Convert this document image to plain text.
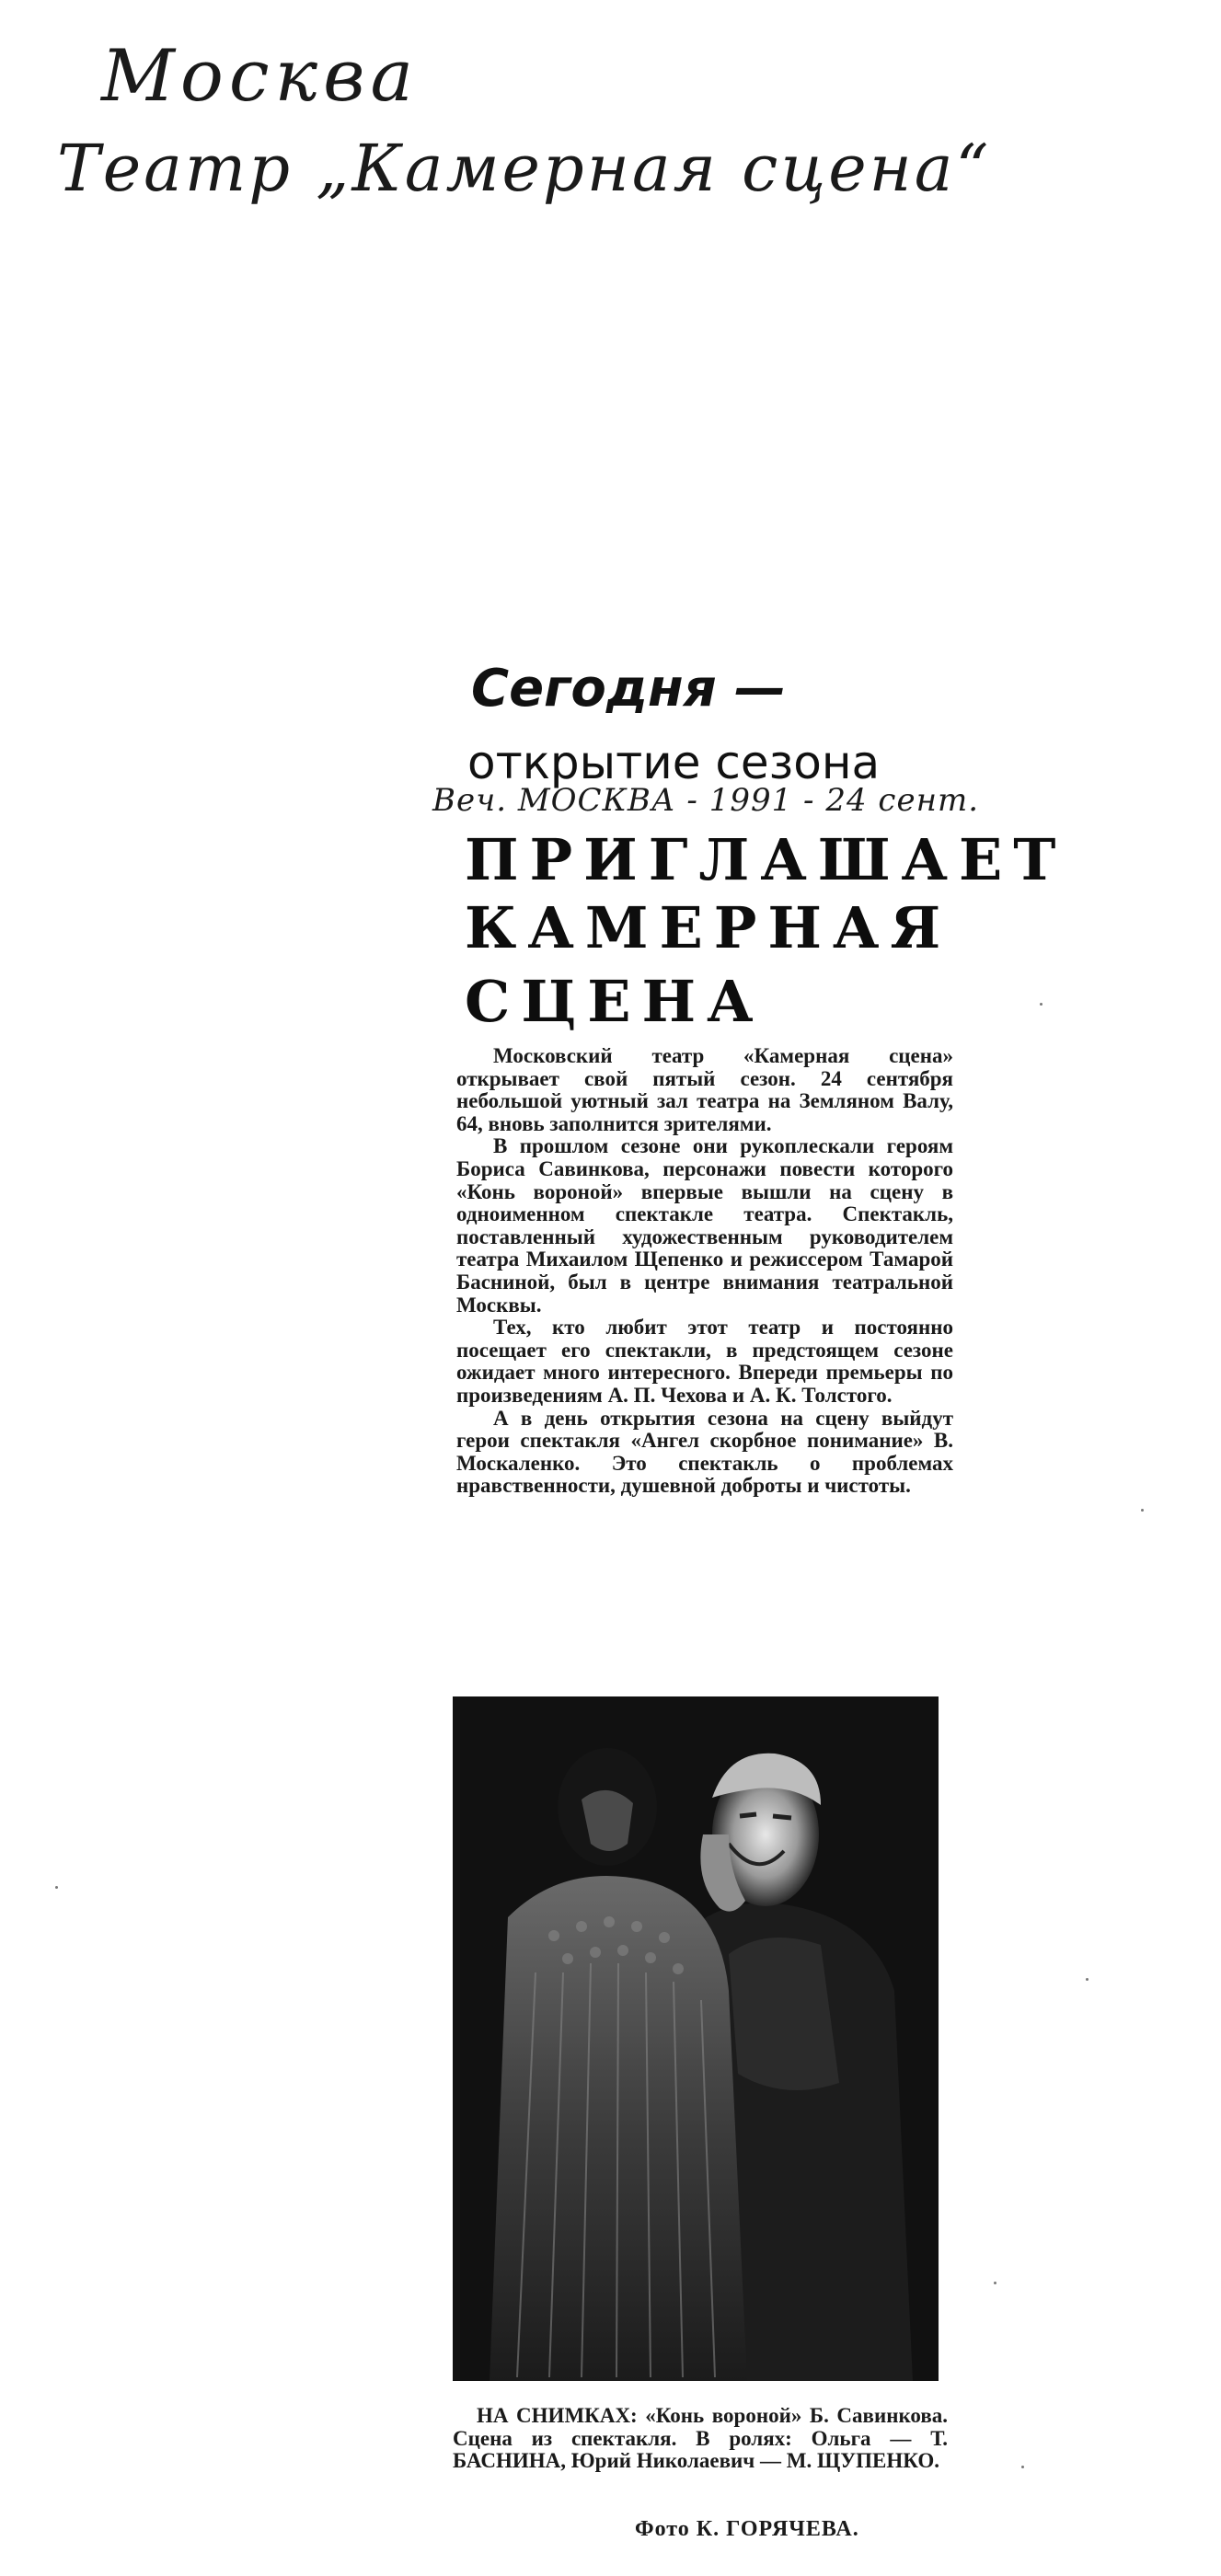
Москва
Театр „Камерная сцена“
Сегодня —
открытие сезона
Веч. МОСКВА - 1991 - 24 сент.
ПРИГЛАШАЕТ
КАМЕРНАЯ
СЦЕНА

Московский театр «Камерная сцена» открывает свой пятый сезон. 24 сентября небольшой уютный зал театра на Земляном Валу, 64, вновь заполнится зрителями.

В прошлом сезоне они рукоплескали героям Бориса Савинкова, персонажи повести которого «Конь вороной» впервые вышли на сцену в одноименном спектакле театра. Спектакль, поставленный художественным руководителем театра Михаилом Щепенко и режиссером Тамарой Басниной, был в центре внимания театральной Москвы.

Тех, кто любит этот театр и постоянно посещает его спектакли, в предстоящем сезоне ожидает много интересного. Впереди премьеры по произведениям А. П. Чехова и А. К. Толстого.

А в день открытия сезона на сцену выйдут герои спектакля «Ангел скорбное понимание» В. Москаленко. Это спектакль о проблемах нравственности, душевной доброты и чистоты.

НА СНИМКАХ: «Конь вороной» Б. Савинкова. Сцена из спектакля. В ролях: Ольга — Т. БАСНИНА, Юрий Николаевич — М. ЩУПЕНКО.

Фото К. ГОРЯЧЕВА.
